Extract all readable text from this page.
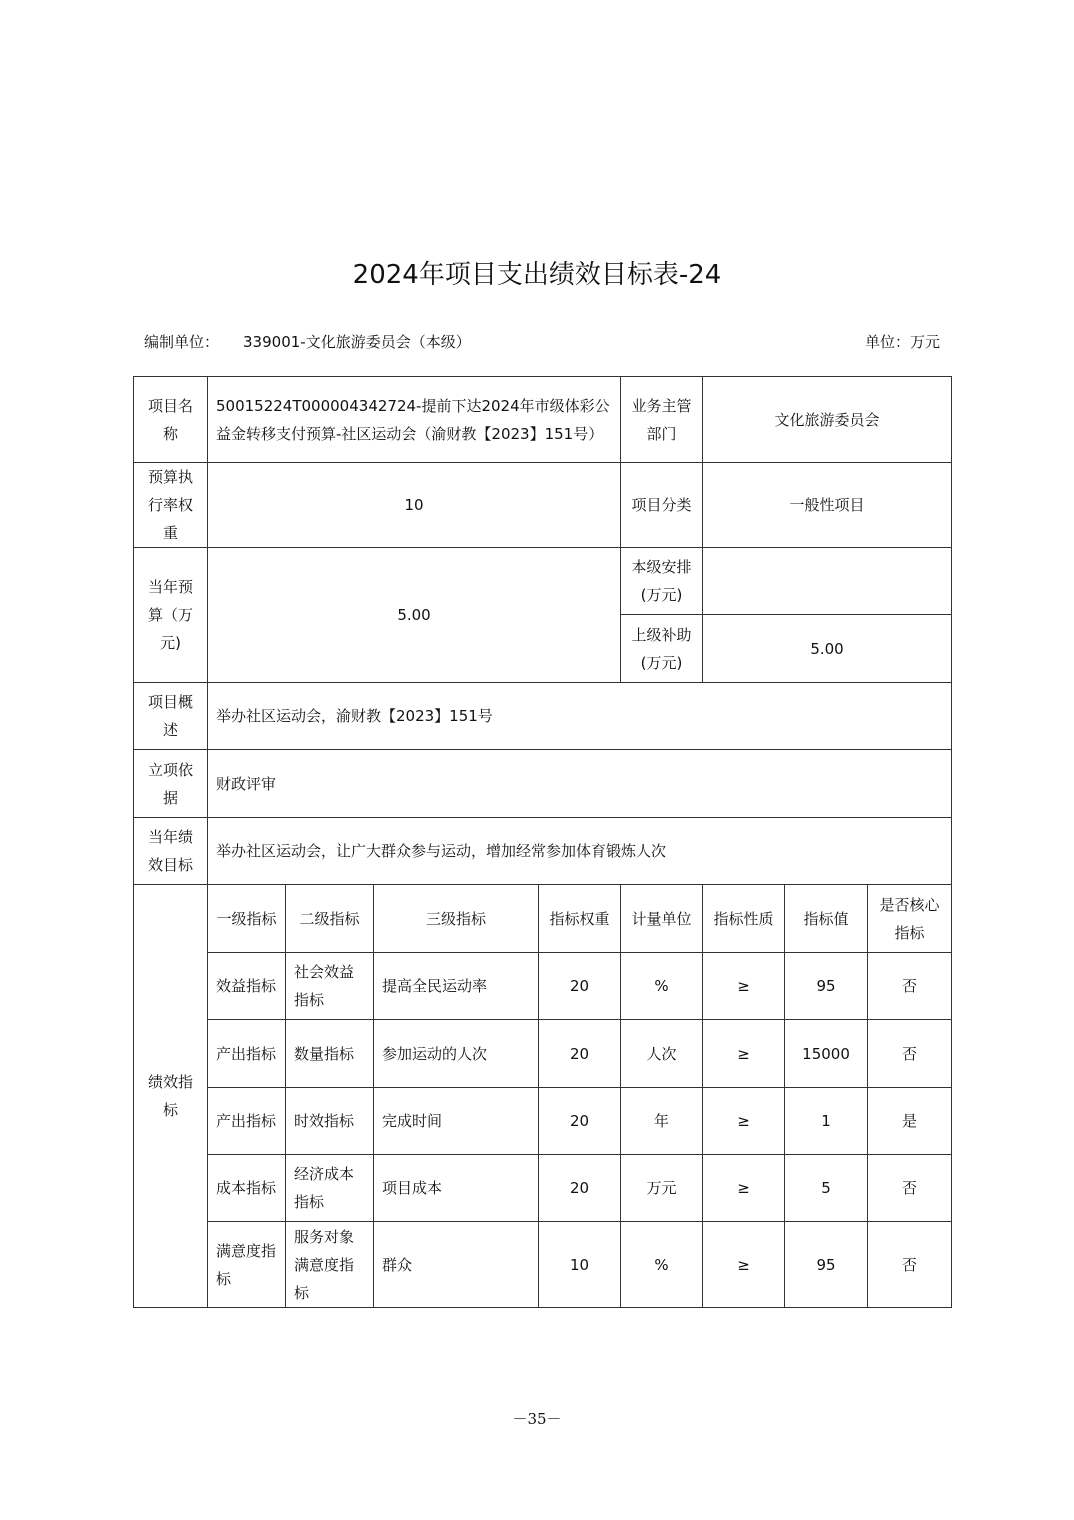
2024年项目支出绩效目标表-24
编制单位： 339001-文化旅游委员会（本级）	单位：万元
项目名称	50015224T000004342724-提前下达2024年市级体彩公益金转移支付预算-社区运动会（渝财教【2023】151号）				业务主管部门	文化旅游委员会		
预算执行率权重	10				项目分类	一般性项目		
当年预算（万元)	5.00				本级安排(万元)			
					上级补助(万元)	5.00		
项目概述	举办社区运动会，渝财教【2023】151号							
立项依据	财政评审							
当年绩效目标	举办社区运动会，让广大群众参与运动，增加经常参加体育锻炼人次							
绩效指标	一级指标	二级指标	三级指标	指标权重	计量单位	指标性质	指标值	是否核心指标
	效益指标	社会效益指标	提高全民运动率	20	%	≥	95	否
	产出指标	数量指标	参加运动的人次	20	人次	≥	15000	否
	产出指标	时效指标	完成时间	20	年	≥	1	是
	成本指标	经济成本指标	项目成本	20	万元	≥	5	否
	满意度指标	服务对象满意度指标	群众	10	%	≥	95	否
－35－
